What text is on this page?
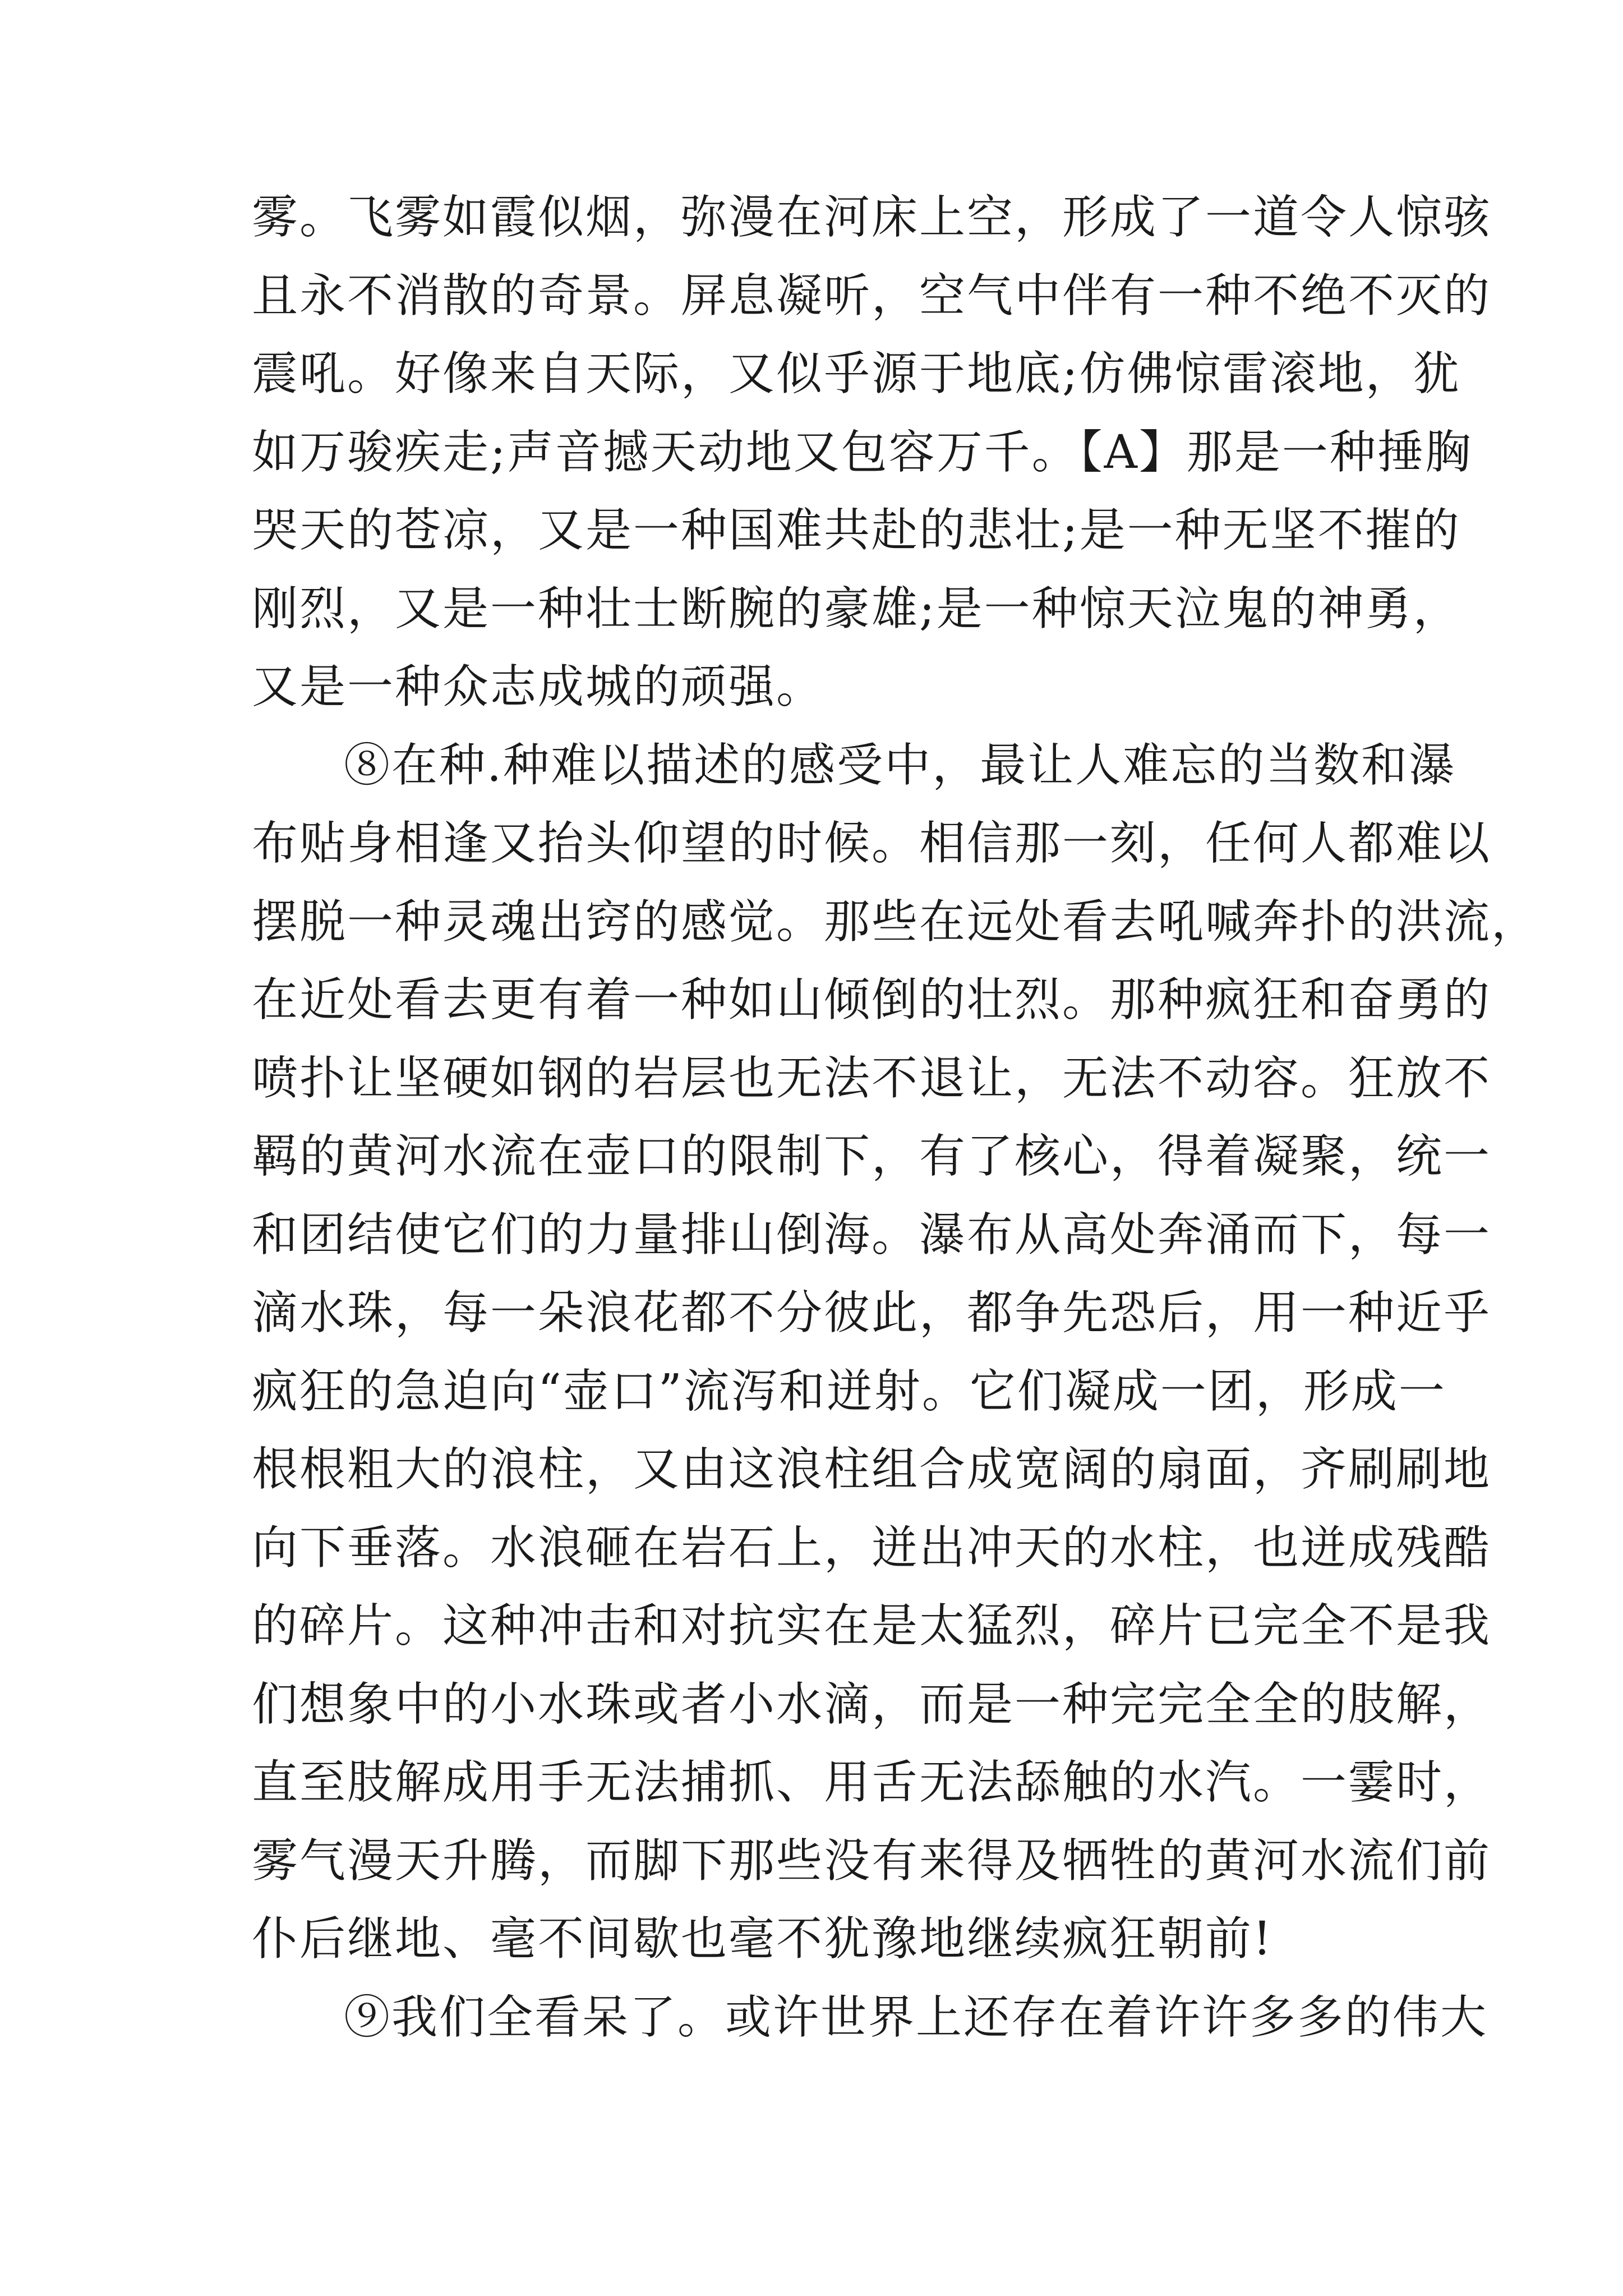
雾。飞雾如霞似烟，弥漫在河床上空，形成了一道令人惊骇
且永不消散的奇景。屏息凝听，空气中伴有一种不绝不灭的
震吼。好像来自天际，又似乎源于地底;仿佛惊雷滚地，犹
如万骏疾走;声音撼天动地又包容万千。【A】那是一种捶胸
哭天的苍凉，又是一种国难共赴的悲壮;是一种无坚不摧的
刚烈，又是一种壮士断腕的豪雄;是一种惊天泣鬼的神勇，
又是一种众志成城的顽强。
⑧在种.种难以描述的感受中，最让人难忘的当数和瀑
布贴身相逢又抬头仰望的时候。相信那一刻，任何人都难以
摆脱一种灵魂出窍的感觉。那些在远处看去吼喊奔扑的洪流，
在近处看去更有着一种如山倾倒的壮烈。那种疯狂和奋勇的
喷扑让坚硬如钢的岩层也无法不退让，无法不动容。狂放不
羁的黄河水流在壶口的限制下，有了核心，得着凝聚，统一
和团结使它们的力量排山倒海。瀑布从高处奔涌而下，每一
滴水珠，每一朵浪花都不分彼此，都争先恐后，用一种近乎
疯狂的急迫向“壶口”流泻和迸射。它们凝成一团，形成一
根根粗大的浪柱，又由这浪柱组合成宽阔的扇面，齐刷刷地
向下垂落。水浪砸在岩石上，迸出冲天的水柱，也迸成残酷
的碎片。这种冲击和对抗实在是太猛烈，碎片已完全不是我
们想象中的小水珠或者小水滴，而是一种完完全全的肢解，
直至肢解成用手无法捕抓、用舌无法舔触的水汽。一霎时，
雾气漫天升腾，而脚下那些没有来得及牺牲的黄河水流们前
仆后继地、毫不间歇也毫不犹豫地继续疯狂朝前!
⑨我们全看呆了。或许世界上还存在着许许多多的伟大
